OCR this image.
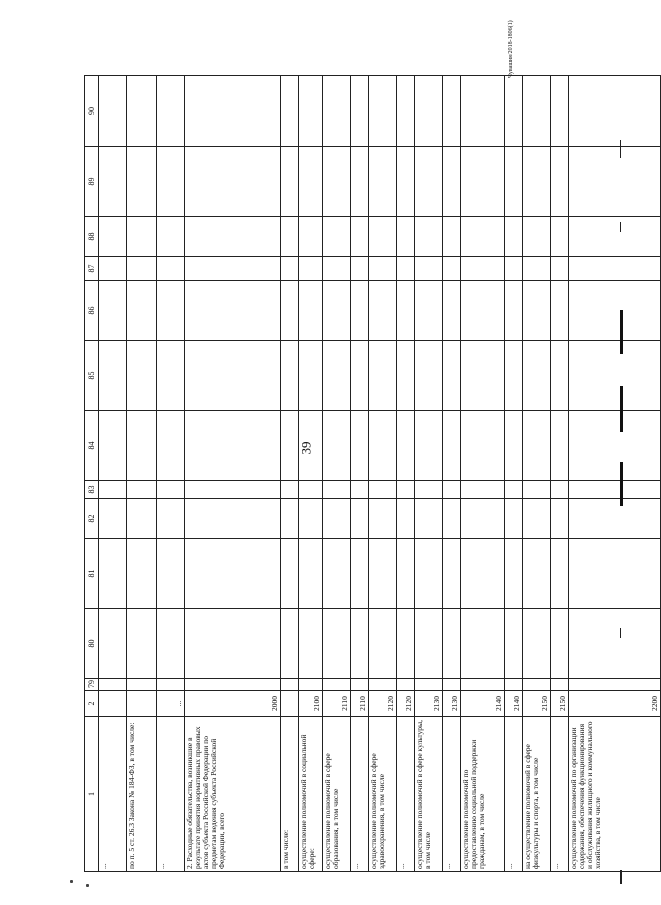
39
Чувашия/2018-1806(1)
1	2	79	80	81	82	83	84	85	86	87	88	89	90
...													
по п. 5 ст. 26.3 Закона № 184-ФЗ, в том числе:													
...	...												
2. Расходные обязательства, возникшие в результате принятия нормативных правовых актов субъекта Российской Федерации по предметам ведения субъекта Российской Федерации, всего	2000												
в том числе:													
осуществление полномочий в социальной сфере:	2100												
осуществление полномочий в сфере образования, в том числе	2110												
...	2110												
осуществление полномочий в сфере здравоохранения, в том числе	2120												
...	2120												
осуществление полномочий в сфере культуры, в том числе	2130												
...	2130												
осуществление полномочий по предоставлению социальной поддержки гражданам, в том числе	2140												
...	2140												
на осуществление полномочий в сфере физкультуры и спорта, в том числе	2150												
...	2150												
осуществление полномочий по организации содержания, обеспечения функционирования и обслуживания жилищного и коммунального хозяйства, в том числе	2200												
